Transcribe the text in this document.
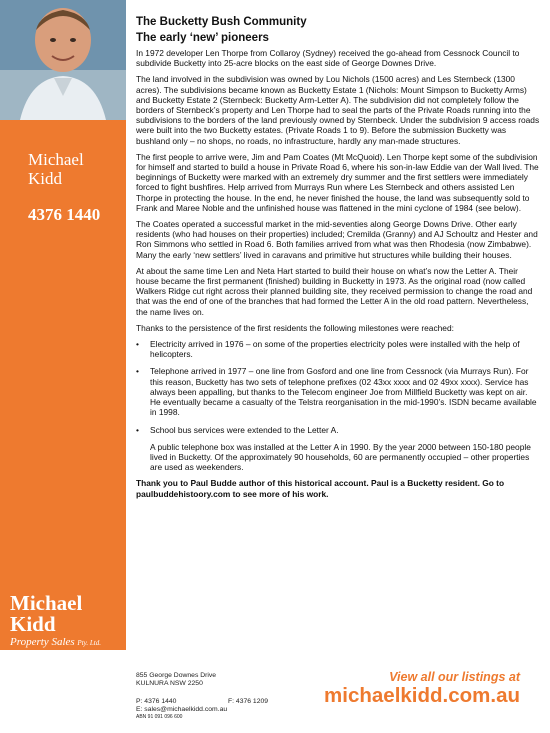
Michael
Kidd
4376 1440
Michael
Kidd
Property Sales Pty. Ltd.
The Bucketty Bush Community
The early ‘new’ pioneers

In 1972 developer Len Thorpe from Collaroy (Sydney) received the go-ahead from Cessnock Council to subdivide Bucketty into 25-acre blocks on the east side of George Downes Drive.

The land involved in the subdivision was owned by Lou Nichols (1500 acres) and Les Sternbeck (1300 acres). The subdivisions became known as Bucketty Estate 1 (Nichols: Mount Simpson to Bucketty Arms) and Bucketty Estate 2 (Sternbeck: Bucketty Arm-Letter A). The subdivision did not completely follow the borders of Sternbeck’s property and Len Thorpe had to seal the parts of the Private Roads running into the subdivisions to the borders of the land previously owned by Sternbeck. Under the subdivision 9 access roads were built into the two Bucketty estates. (Private Roads 1 to 9). Before the submission Bucketty was bushland only – no shops, no roads, no infrastructure, hardly any man-made structures.

The first people to arrive were, Jim and Pam Coates (Mt McQuoid). Len Thorpe kept some of the subdivision for himself and started to build a house in Private Road 6, where his son-in-law Eddie van der Wall lived. The beginnings of Bucketty were marked with an extremely dry summer and the first settlers were immediately forced to fight bushfires. Help arrived from Murrays Run where Les Sternbeck and others assisted Len Thorpe in protecting the house. In the end, he never finished the house, the land was subsequently sold to Frank and Maree Noble and the unfinished house was flattened in the mini cyclone of 1984 (see below).

The Coates operated a successful market in the mid-seventies along George Downs Drive. Other early residents (who had houses on their properties) included; Cremilda (Granny) and AJ Schoultz and Hester and Ron Simmons who settled in Road 6. Both families arrived from what was then Rhodesia (now Zimbabwe). Many the early ‘new settlers’ lived in caravans and primitive hut structures while building their houses.

At about the same time Len and Neta Hart started to build their house on what’s now the Letter A. Their house became the first permanent (finished) building in Bucketty in 1973. As the original road (now called Walkers Ridge cut right across their planned building site, they received permission to change the road and that was the end of one of the branches that had formed the Letter A in the old road pattern. Nevertheless, the name lives on.

Thanks to the persistence of the first residents the following milestones were reached:

• Electricity arrived in 1976 – on some of the properties electricity poles were installed with the help of helicopters.
• Telephone arrived in 1977 – one line from Gosford and one line from Cessnock (via Murrays Run). For this reason, Bucketty has two sets of telephone prefixes (02 43xx xxxx and 02 49xx xxxx). Service has always been appalling, but thanks to the Telecom engineer Joe from Millfield Bucketty was kept on air. He eventually became a casualty of the Telstra reorganisation in the mid-1990’s. ISDN became available in 1998.
• School bus services were extended to the Letter A.

A public telephone box was installed at the Letter A in 1990. By the year 2000 between 150-180 people lived in Bucketty. Of the approximately 90 households, 60 are permanently occupied – other properties are used as weekenders.

Thank you to Paul Budde author of this historical account. Paul is a Bucketty resident. Go to paulbuddehistoory.com to see more of his work.

855 George Downes Drive
KULNURA NSW 2250
P: 4376 1440	F: 4376 1209
E: sales@michaelkidd.com.au
ABN 91 091 096 600
View all our listings at
michaelkidd.com.au
